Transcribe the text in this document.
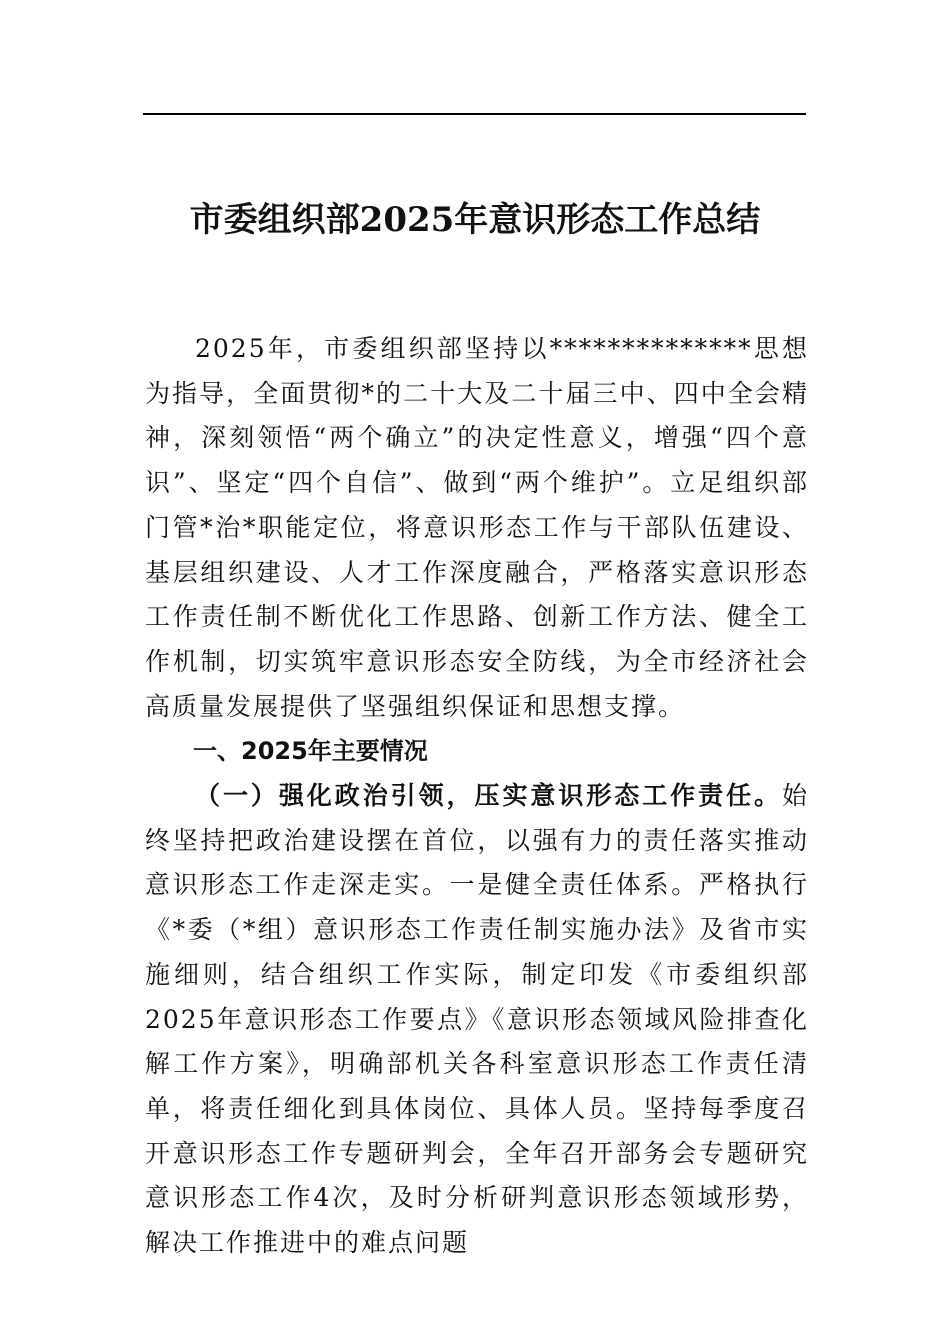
市委组织部2025年意识形态工作总结

2025年，市委组织部坚持以**************思想为指导，全面贯彻*的二十大及二十届三中、四中全会精神，深刻领悟“两个确立”的决定性意义，增强“四个意识”、坚定“四个自信”、做到“两个维护”。立足组织部门管*治*职能定位，将意识形态工作与干部队伍建设、基层组织建设、人才工作深度融合，严格落实意识形态工作责任制不断优化工作思路、创新工作方法、健全工作机制，切实筑牢意识形态安全防线，为全市经济社会高质量发展提供了坚强组织保证和思想支撑。

一、2025年主要情况

（一）强化政治引领，压实意识形态工作责任。始终坚持把政治建设摆在首位，以强有力的责任落实推动意识形态工作走深走实。一是健全责任体系。严格执行《*委（*组）意识形态工作责任制实施办法》及省市实施细则，结合组织工作实际，制定印发《市委组织部2025年意识形态工作要点》《意识形态领域风险排查化解工作方案》，明确部机关各科室意识形态工作责任清单，将责任细化到具体岗位、具体人员。坚持每季度召开意识形态工作专题研判会，全年召开部务会专题研究意识形态工作4次，及时分析研判意识形态领域形势，解决工作推进中的难点问题
